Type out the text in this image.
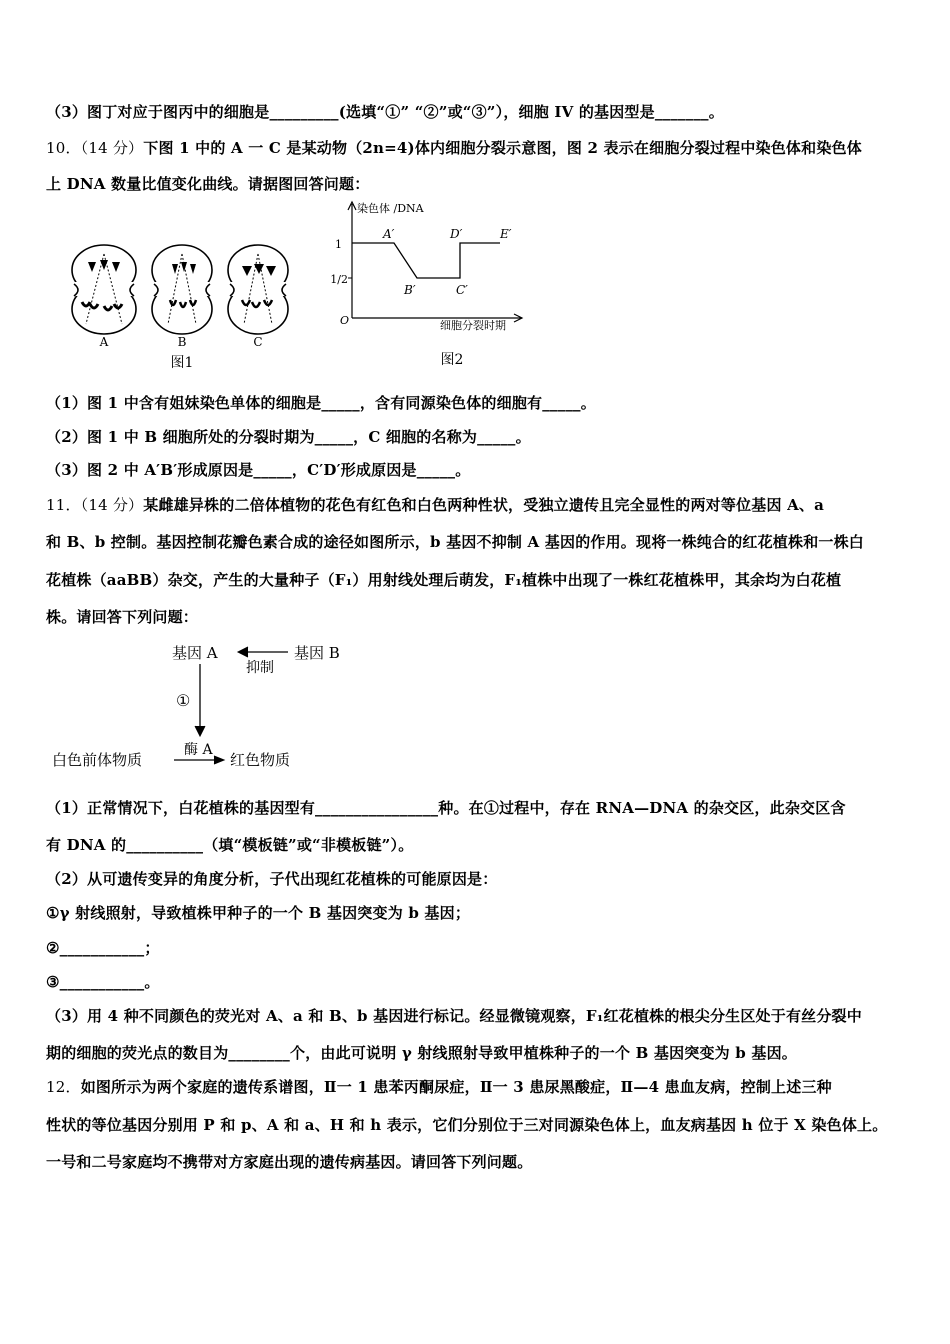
（3）图丁对应于图丙中的细胞是_________(选填“①” “②”或“③”），细胞 IV 的基因型是_______。
10．（14 分）下图 1 中的 A 一 C 是某动物（2n=4)体内细胞分裂示意图，图 2 表示在细胞分裂过程中染色体和染色体
上 DNA 数量比值变化曲线。请据图回答问题：
A	B	C
图1
染色体 /DNA
1
1/2
A′
B′	C′
D′	E′
O	细胞分裂时期
图2
（1）图 1 中含有姐妹染色单体的细胞是_____，含有同源染色体的细胞有_____。
（2）图 1 中 B 细胞所处的分裂时期为_____，C 细胞的名称为_____。
（3）图 2 中 A′B′形成原因是_____，C′D′形成原因是_____。
11．（14 分）某雌雄异株的二倍体植物的花色有红色和白色两种性状，受独立遗传且完全显性的两对等位基因 A、a
和 B、b 控制。基因控制花瓣色素合成的途径如图所示，b 基因不抑制 A 基因的作用。现将一株纯合的红花植株和一株白
花植株（aaBB）杂交，产生的大量种子（F₁）用射线处理后萌发，F₁植株中出现了一株红花植株甲，其余均为白花植
株。请回答下列问题：
基因 A	基因 B
抑制
①
酶 A
白色前体物质	红色物质
（1）正常情况下，白花植株的基因型有________________种。在①过程中，存在 RNA—DNA 的杂交区，此杂交区含
有 DNA 的__________（填“模板链”或“非模板链”）。
（2）从可遗传变异的角度分析，子代出现红花植株的可能原因是：
①γ 射线照射，导致植株甲种子的一个 B 基因突变为 b 基因；
②___________；
③___________。
（3）用 4 种不同颜色的荧光对 A、a 和 B、b 基因进行标记。经显微镜观察，F₁红花植株的根尖分生区处于有丝分裂中
期的细胞的荧光点的数目为________个，由此可说明 γ 射线照射导致甲植株种子的一个 B 基因突变为 b 基因。
12．如图所示为两个家庭的遗传系谱图，Ⅱ一 1 患苯丙酮尿症，Ⅱ一 3 患尿黑酸症，Ⅱ—4 患血友病，控制上述三种
性状的等位基因分别用 P 和 p、A 和 a、H 和 h 表示，它们分别位于三对同源染色体上，血友病基因 h 位于 X 染色体上。
一号和二号家庭均不携带对方家庭出现的遗传病基因。请回答下列问题。
